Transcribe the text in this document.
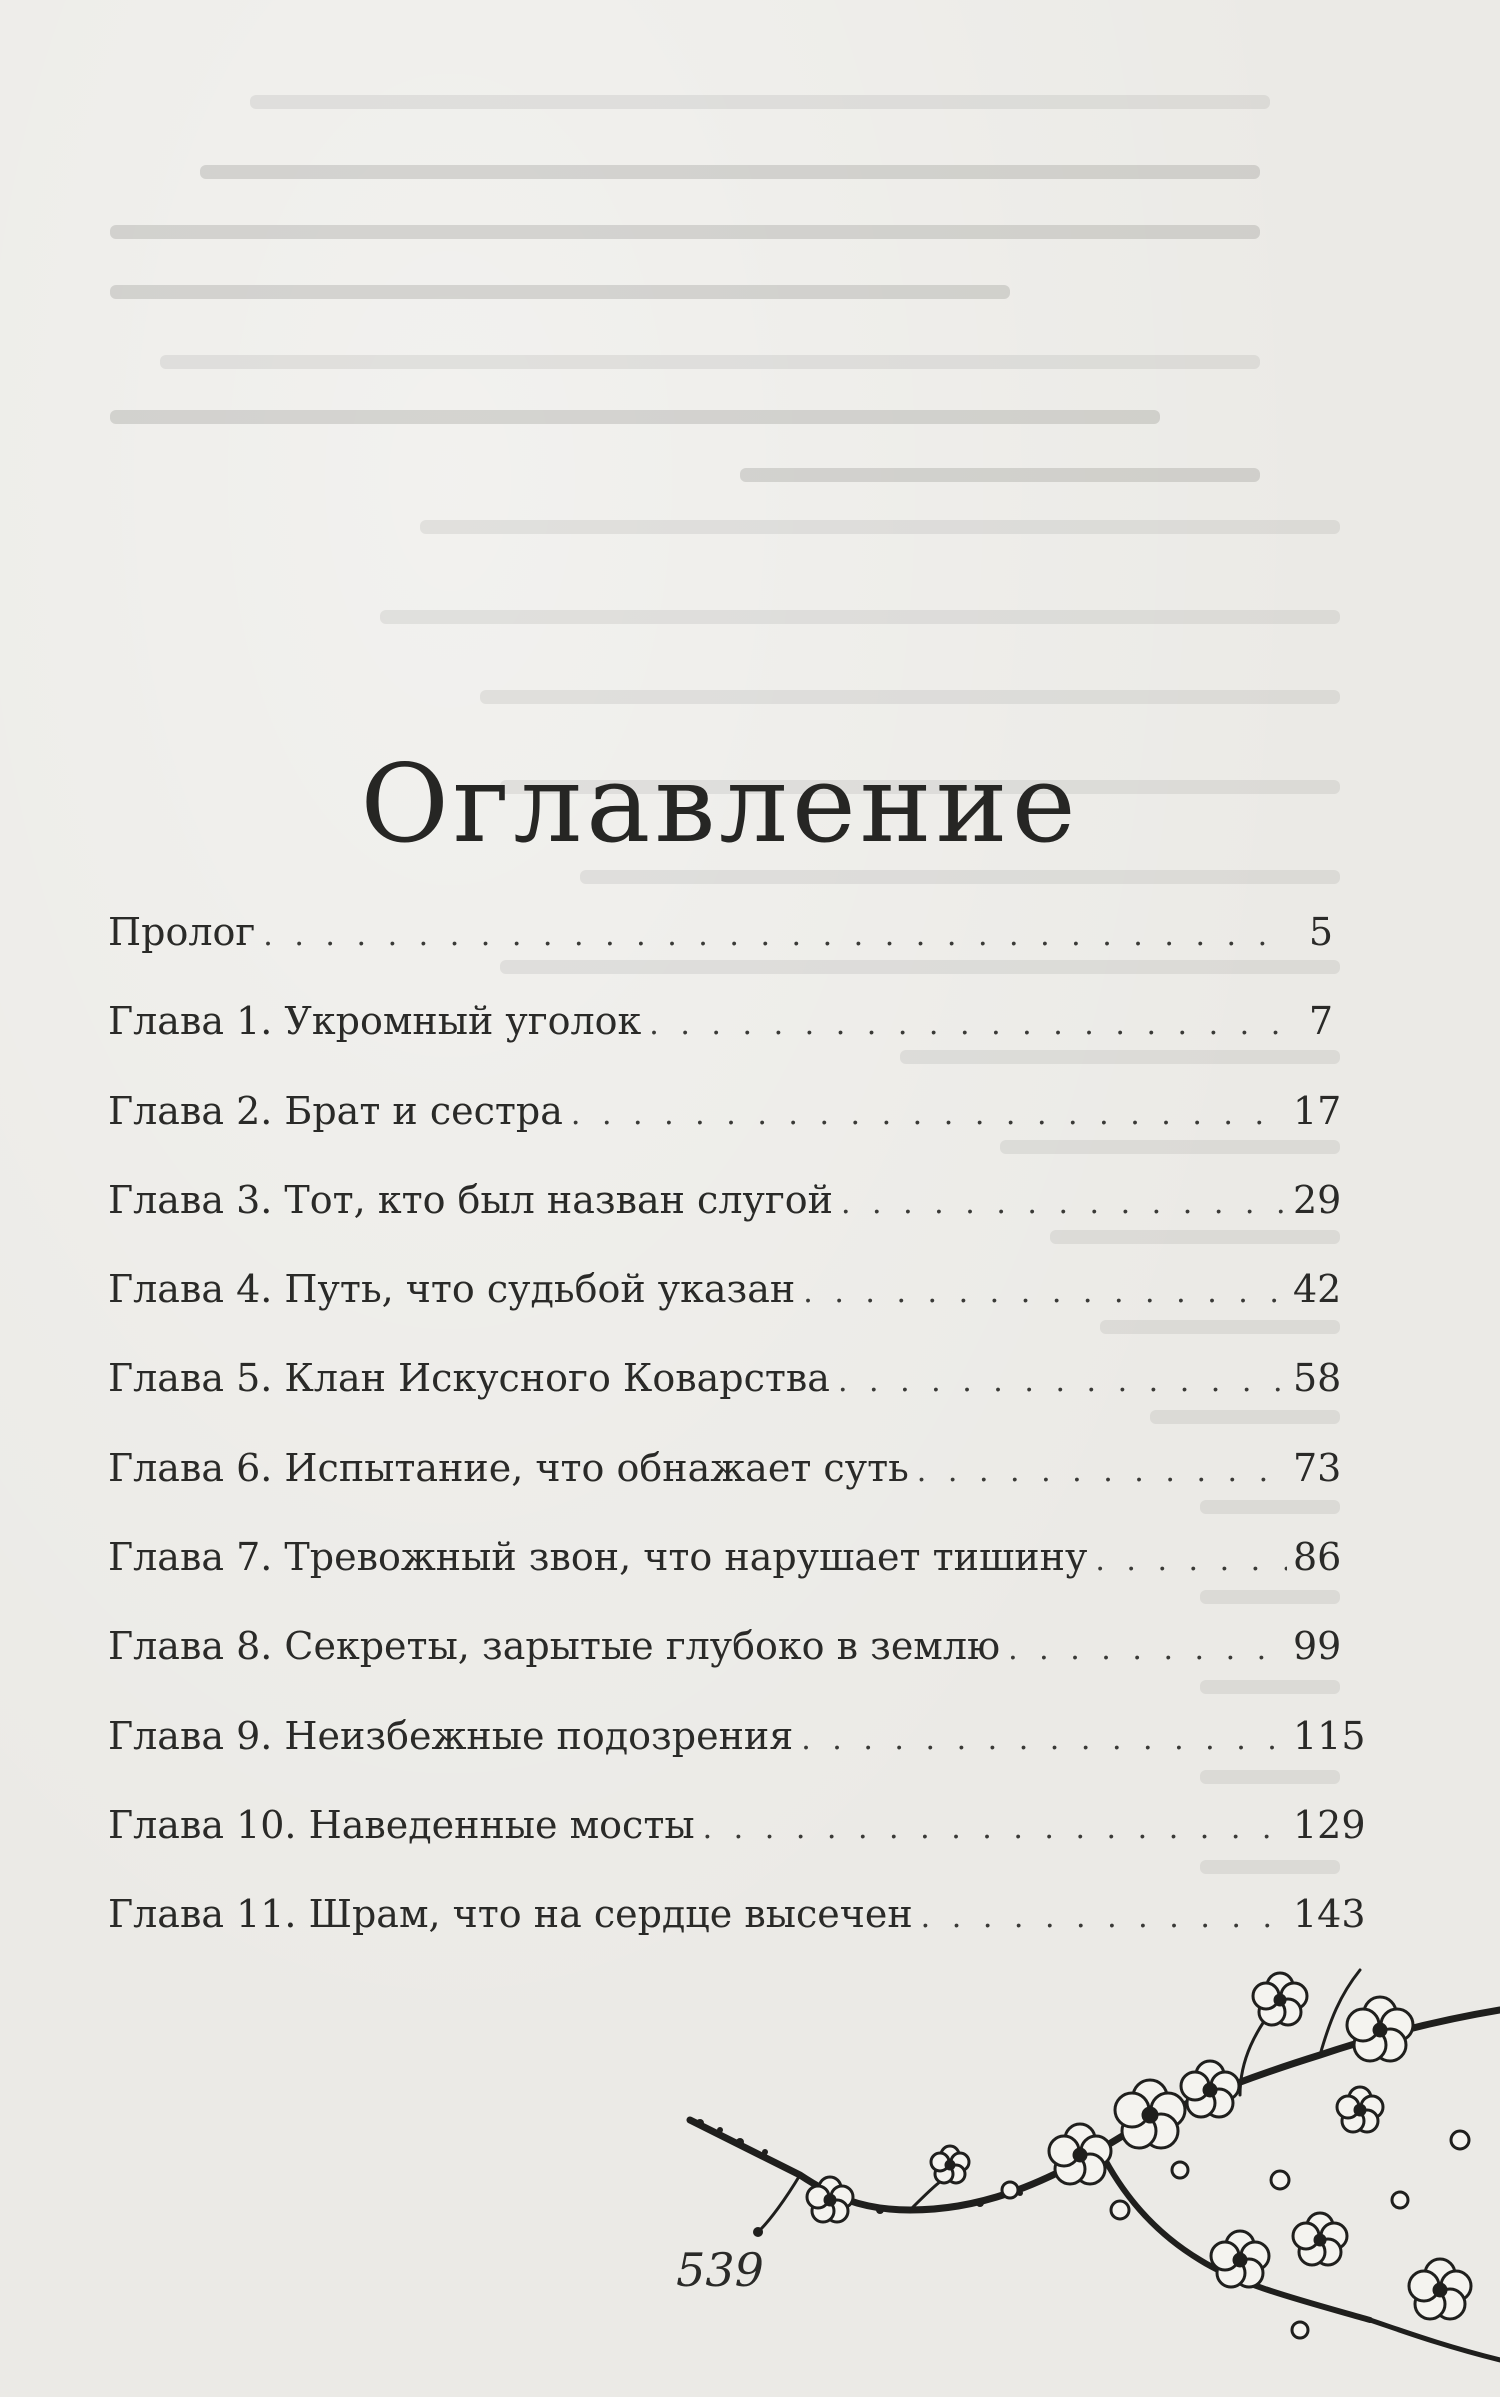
Оглавление
Пролог . . .	5
Глава 1. Укромный уголок . . .	7
Глава 2. Брат и сестра . . .	17
Глава 3. Тот, кто был назван слугой . . .	29
Глава 4. Путь, что судьбой указан . . .	42
Глава 5. Клан Искусного Коварства . . .	58
Глава 6. Испытание, что обнажает суть . . .	73
Глава 7. Тревожный звон, что нарушает тишину . . .	86
Глава 8. Секреты, зарытые глубоко в землю . . .	99
Глава 9. Неизбежные подозрения . . .	115
Глава 10. Наведенные мосты . . .	129
Глава 11. Шрам, что на сердце высечен . . .	143
539
